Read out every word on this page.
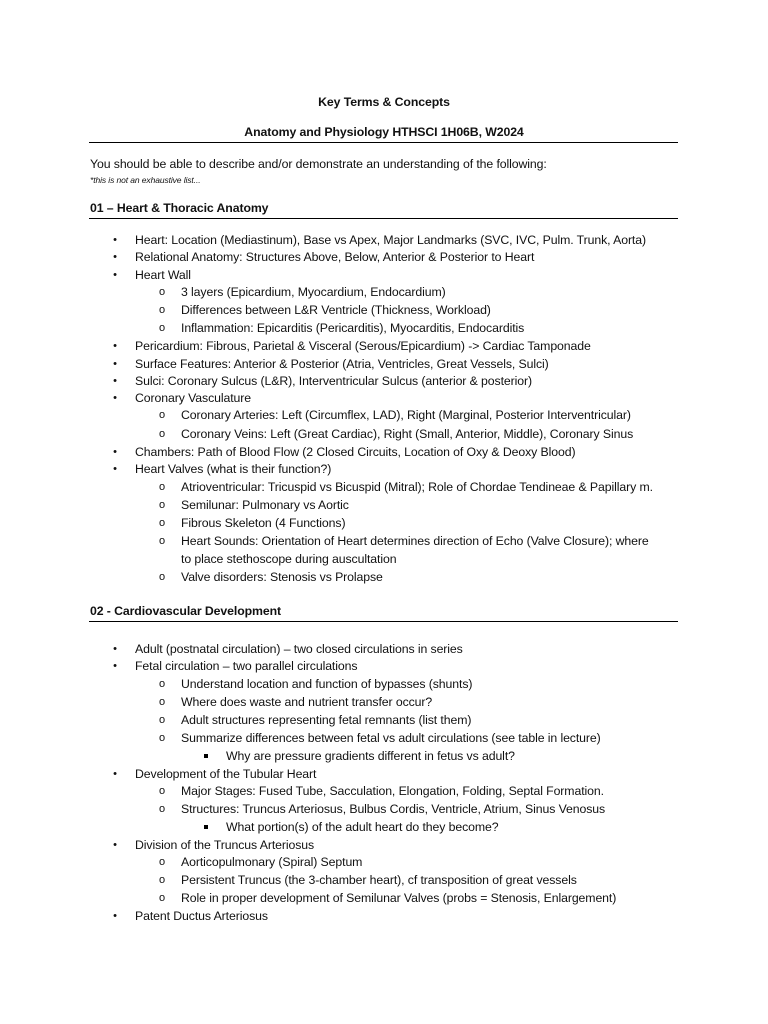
Key Terms & Concepts
Anatomy and Physiology HTHSCI 1H06B, W2024
You should be able to describe and/or demonstrate an understanding of the following:
*this is not an exhaustive list...
01 – Heart & Thoracic Anatomy
• Heart: Location (Mediastinum), Base vs Apex, Major Landmarks (SVC, IVC, Pulm. Trunk, Aorta)
• Relational Anatomy: Structures Above, Below, Anterior & Posterior to Heart
• Heart Wall
o 3 layers (Epicardium, Myocardium, Endocardium)
o Differences between L&R Ventricle (Thickness, Workload)
o Inflammation: Epicarditis (Pericarditis), Myocarditis, Endocarditis
• Pericardium: Fibrous, Parietal & Visceral (Serous/Epicardium) -> Cardiac Tamponade
• Surface Features: Anterior & Posterior (Atria, Ventricles, Great Vessels, Sulci)
• Sulci: Coronary Sulcus (L&R), Interventricular Sulcus (anterior & posterior)
• Coronary Vasculature
o Coronary Arteries: Left (Circumflex, LAD), Right (Marginal, Posterior Interventricular)
o Coronary Veins: Left (Great Cardiac), Right (Small, Anterior, Middle), Coronary Sinus
• Chambers: Path of Blood Flow (2 Closed Circuits, Location of Oxy & Deoxy Blood)
• Heart Valves (what is their function?)
o Atrioventricular: Tricuspid vs Bicuspid (Mitral); Role of Chordae Tendineae & Papillary m.
o Semilunar: Pulmonary vs Aortic
o Fibrous Skeleton (4 Functions)
o Heart Sounds: Orientation of Heart determines direction of Echo (Valve Closure); where
to place stethoscope during auscultation
o Valve disorders: Stenosis vs Prolapse
02 - Cardiovascular Development
• Adult (postnatal circulation) – two closed circulations in series
• Fetal circulation – two parallel circulations
o Understand location and function of bypasses (shunts)
o Where does waste and nutrient transfer occur?
o Adult structures representing fetal remnants (list them)
o Summarize differences between fetal vs adult circulations (see table in lecture)
Why are pressure gradients different in fetus vs adult?
• Development of the Tubular Heart
o Major Stages: Fused Tube, Sacculation, Elongation, Folding, Septal Formation.
o Structures: Truncus Arteriosus, Bulbus Cordis, Ventricle, Atrium, Sinus Venosus
What portion(s) of the adult heart do they become?
• Division of the Truncus Arteriosus
o Aorticopulmonary (Spiral) Septum
o Persistent Truncus (the 3-chamber heart), cf transposition of great vessels
o Role in proper development of Semilunar Valves (probs = Stenosis, Enlargement)
• Patent Ductus Arteriosus
